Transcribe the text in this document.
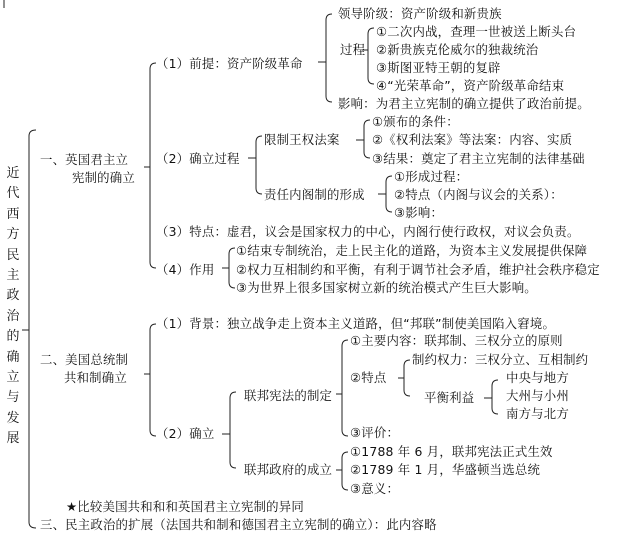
近
代
西
方
民
主
政
治
的
确
立
与
发
展
一、英国君主立
宪制的确立
（1）前提：资产阶级革命
领导阶级：资产阶级和新贵族
过程
①二次内战，查理一世被送上断头台
②新贵族克伦威尔的独裁统治
③斯图亚特王朝的复辟
④“光荣革命”，资产阶级革命结束
影响：为君主立宪制的确立提供了政治前提。
（2）确立过程
限制王权法案
①颁布的条件：
②《权利法案》等法案：内容、实质
③结果：奠定了君主立宪制的法律基础
责任内阁制的形成
①形成过程：
②特点（内阁与议会的关系）：
③影响：
（3）特点：虚君，议会是国家权力的中心，内阁行使行政权，对议会负责。
（4）作用
①结束专制统治，走上民主化的道路，为资本主义发展提供保障
②权力互相制约和平衡，有利于调节社会矛盾，维护社会秩序稳定
③为世界上很多国家树立新的统治模式产生巨大影响。
二、美国总统制
共和制确立
（1）背景：独立战争走上资本主义道路，但“邦联”制使美国陷入窘境。
（2）确立
联邦宪法的制定
①主要内容：联邦制、三权分立的原则
②特点
制约权力：三权分立、互相制约
平衡利益
中央与地方
大州与小州
南方与北方
③评价：
联邦政府的成立
①1788 年 6 月，联邦宪法正式生效
②1789 年 1 月，华盛顿当选总统
③意义：
★比较美国共和和和英国君主立宪制的异同
三、民主政治的扩展（法国共和制和德国君主立宪制的确立）：此内容略
